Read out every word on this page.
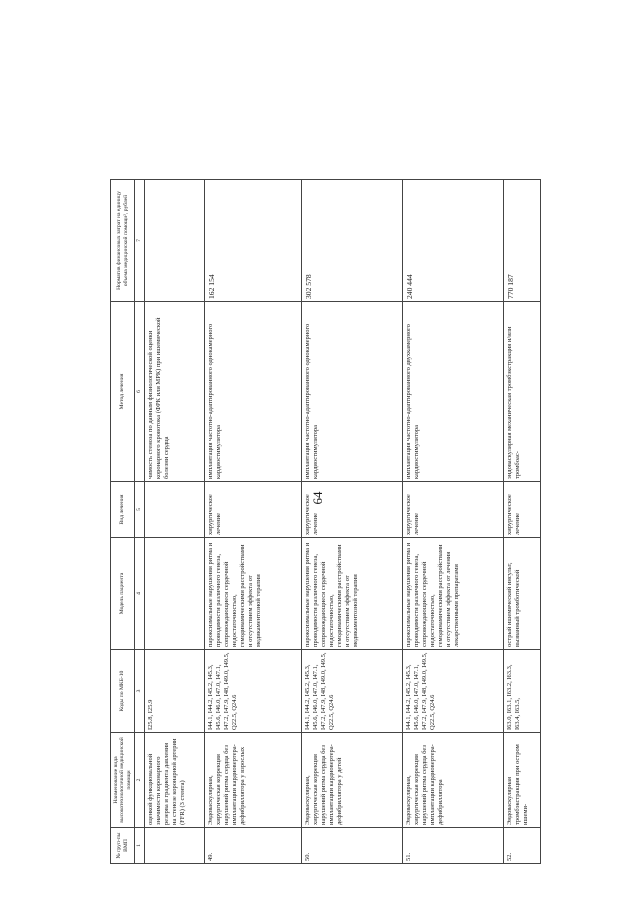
64
№ груп-пы ВМП	Наименование вида высокотехнологичной медицинской помощи	Коды по МКБ-10	Модель пациента	Вид лечения	Метод лечения	Норматив финансовых затрат на единицу объема медицинской помощи², рублей
1	2	3	4	5	6	7
	оценкой функциональной значимости коронарного резерва и градиента давления на стенозе коронарной артерии (FFR) (3 стента)	I25.8, I25.9			чимость стеноза по данным физиологической оценки коронарного кровотока (ФРК или МРК) при ишемической болезни сердца	
49.	Эндоваскулярная, хирургическая коррекция нарушений ритма сердца без имплантации кардиовертера-дефибриллятора у взрослых	I44.1, I44.2, I45.2, I45.3, I45.6, I46.0, I47.0, I47.1, I47.2, I47.9, I48, I49.0, I49.5, Q22.5, Q24.6	пароксизмальные нарушения ритма и проводимости различного генеза, сопровождающиеся сердечной недостаточностью, гемодинамическими расстройствами и отсутствием эффекта от медикаментозной терапии	хирургическое лечение	имплантация частотно-адаптированного однокамерного кардиостимулятора	162 154
50.	Эндоваскулярная, хирургическая коррекция нарушений ритма сердца без имплантации кардиовертера-дефибриллятора у детей	I44.1, I44.2, I45.2, I45.3, I45.6, I46.0, I47.0, I47.1, I47.2, I47.9, I48, I49.0, I49.5, Q22.5, Q24.6	пароксизмальные нарушения ритма и проводимости различного генеза, сопровождающиеся сердечной недостаточностью, гемодинамическими расстройствами и отсутствием эффекта от медикаментозной терапии	хирургическое лечение	имплантация частотно-адаптированного однокамерного кардиостимулятора	302 578
51.	Эндоваскулярная, хирургическая коррекция нарушений ритма сердца без имплантации кардиовертера-дефибриллятора	I44.1, I44.2, I45.2, I45.3, I45.6, I46.0, I47.0, I47.1, I47.2, I47.9, I48, I49.0, I49.5, Q22.5, Q24.6	пароксизмальные нарушения ритма и проводимости различного генеза, сопровождающиеся сердечной недостаточностью, гемодинамическими расстройствами и отсутствием эффекта от лечения лекарственными препаратами	хирургическое лечение	имплантация частотно-адаптированного двухкамерного кардиостимулятора	240 444
52.	Эндоваскулярная тромбэкстракция при остром ишеми-	I63.0, I63.1, I63.2, I63.3, I63.4, I63.5,	острый ишемический инсульт, вызванный тромботической	хирургическое лечение	эндоваскулярная механическая тромбэкстракция и/или тромбоас-	770 187
